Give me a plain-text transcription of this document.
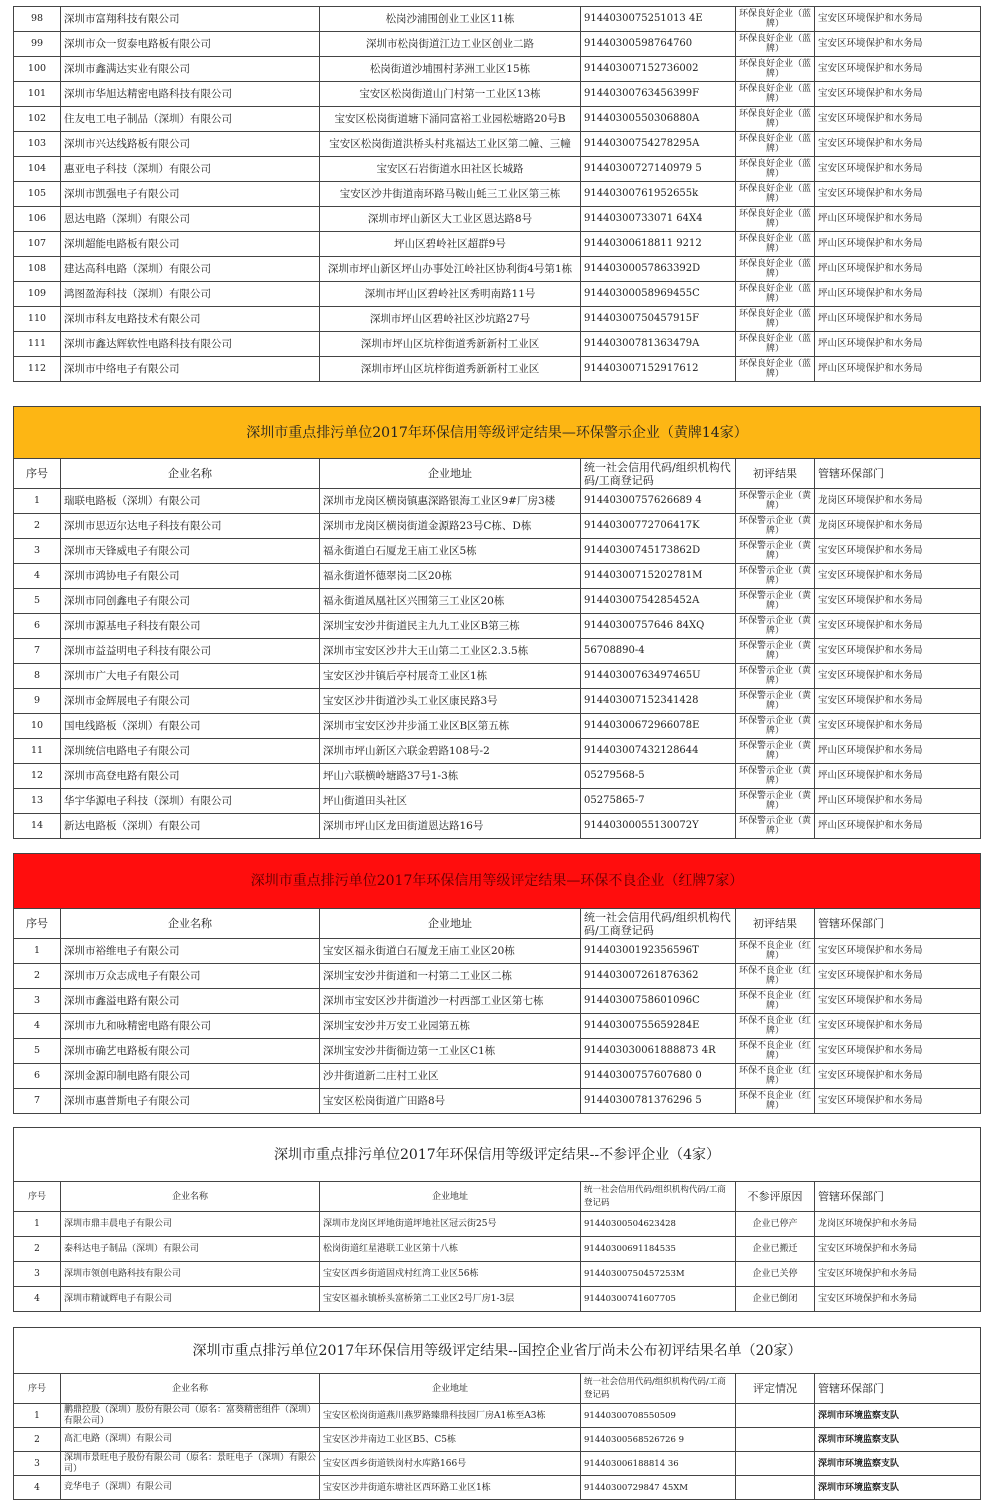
98	深圳市富翔科技有限公司	松岗沙浦围创业工业区11栋	9144030075251013 4E	环保良好企业（蓝牌）	宝安区环境保护和水务局
99	深圳市众一贸泰电路板有限公司	深圳市松岗街道江边工业区创业二路	91440300598764760	环保良好企业（蓝牌）	宝安区环境保护和水务局
100	深圳市鑫满达实业有限公司	松岗街道沙埔围村茅洲工业区15栋	914403007152736002	环保良好企业（蓝牌）	宝安区环境保护和水务局
101	深圳市华旭达精密电路科技有限公司	宝安区松岗街道山门村第一工业区13栋	91440300763456399F	环保良好企业（蓝牌）	宝安区环境保护和水务局
102	住友电工电子制品（深圳）有限公司	宝安区松岗街道塘下涌同富裕工业园松塘路20号B	91440300550306880A	环保良好企业（蓝牌）	宝安区环境保护和水务局
103	深圳市兴达线路板有限公司	宝安区松岗街道洪桥头村兆福达工业区第二幢、三幢	91440300754278295A	环保良好企业（蓝牌）	宝安区环境保护和水务局
104	惠亚电子科技（深圳）有限公司	宝安区石岩街道水田社区长城路	91440300727140979 5	环保良好企业（蓝牌）	宝安区环境保护和水务局
105	深圳市凯强电子有限公司	宝安区沙井街道南环路马鞍山蚝三工业区第三栋	91440300761952655k	环保良好企业（蓝牌）	宝安区环境保护和水务局
106	恩达电路（深圳）有限公司	深圳市坪山新区大工业区恩达路8号	91440300733071 64X4	环保良好企业（蓝牌）	坪山区环境保护和水务局
107	深圳超能电路板有限公司	坪山区碧岭社区超群9号	91440300618811 9212	环保良好企业（蓝牌）	坪山区环境保护和水务局
108	建达高科电路（深圳）有限公司	深圳市坪山新区坪山办事处江岭社区协利街4号第1栋	91440300057863392D	环保良好企业（蓝牌）	坪山区环境保护和水务局
109	鸿图盈海科技（深圳）有限公司	深圳市坪山区碧岭社区秀明南路11号	91440300058969455C	环保良好企业（蓝牌）	坪山区环境保护和水务局
110	深圳市科友电路技术有限公司	深圳市坪山区碧岭社区沙坑路27号	91440300750457915F	环保良好企业（蓝牌）	坪山区环境保护和水务局
111	深圳市鑫达辉软性电路科技有限公司	深圳市坪山区坑梓街道秀新新村工业区	91440300781363479A	环保良好企业（蓝牌）	坪山区环境保护和水务局
112	深圳市中络电子有限公司	深圳市坪山区坑梓街道秀新新村工业区	914403007152917612	环保良好企业（蓝牌）	坪山区环境保护和水务局
深圳市重点排污单位2017年环保信用等级评定结果—环保警示企业（黄牌14家）
序号	企业名称	企业地址	统一社会信用代码/组织机构代码/工商登记码	初评结果	管辖环保部门
1	瑞联电路板（深圳）有限公司	深圳市龙岗区横岗镇惠深路银海工业区9#厂房3楼	91440300757626689 4	环保警示企业（黄牌）	龙岗区环境保护和水务局
2	深圳市思迈尔达电子科技有限公司	深圳市龙岗区横岗街道金源路23号C栋、D栋	91440300772706417K	环保警示企业（黄牌）	龙岗区环境保护和水务局
3	深圳市天锋威电子有限公司	福永街道白石厦龙王庙工业区5栋	91440300745173862D	环保警示企业（黄牌）	宝安区环境保护和水务局
4	深圳市鸿协电子有限公司	福永街道怀德翠岗二区20栋	91440300715202781M	环保警示企业（黄牌）	宝安区环境保护和水务局
5	深圳市同创鑫电子有限公司	福永街道凤凰社区兴围第三工业区20栋	91440300754285452A	环保警示企业（黄牌）	宝安区环境保护和水务局
6	深圳市源基电子科技有限公司	深圳宝安沙井街道民主九九工业区B第三栋	91440300757646 84XQ	环保警示企业（黄牌）	宝安区环境保护和水务局
7	深圳市益益明电子科技有限公司	深圳市宝安区沙井大王山第二工业区2.3.5栋	56708890-4	环保警示企业（黄牌）	宝安区环境保护和水务局
8	深圳市广大电子有限公司	宝安区沙井镇后亭村展奇工业区1栋	91440300763497465U	环保警示企业（黄牌）	宝安区环境保护和水务局
9	深圳市金辉展电子有限公司	宝安区沙井街道沙头工业区康民路3号	914403007152341428	环保警示企业（黄牌）	宝安区环境保护和水务局
10	国电线路板（深圳）有限公司	深圳市宝安区沙井步涌工业区B区第五栋	91440300672966078E	环保警示企业（黄牌）	宝安区环境保护和水务局
11	深圳统信电路电子有限公司	深圳市坪山新区六联金碧路108号-2	914403007432128644	环保警示企业（黄牌）	坪山区环境保护和水务局
12	深圳市高登电路有限公司	坪山六联横岭塘路37号1-3栋	05279568-5	环保警示企业（黄牌）	坪山区环境保护和水务局
13	华宇华源电子科技（深圳）有限公司	坪山街道田头社区	05275865-7	环保警示企业（黄牌）	坪山区环境保护和水务局
14	新达电路板（深圳）有限公司	深圳市坪山区龙田街道恩达路16号	91440300055130072Y	环保警示企业（黄牌）	坪山区环境保护和水务局
深圳市重点排污单位2017年环保信用等级评定结果—环保不良企业（红牌7家）
序号	企业名称	企业地址	统一社会信用代码/组织机构代码/工商登记码	初评结果	管辖环保部门
1	深圳市裕维电子有限公司	宝安区福永街道白石厦龙王庙工业区20栋	91440300192356596T	环保不良企业（红牌）	宝安区环境保护和水务局
2	深圳市万众志成电子有限公司	深圳宝安沙井街道和一村第二工业区二栋	914403007261876362	环保不良企业（红牌）	宝安区环境保护和水务局
3	深圳市鑫溢电路有限公司	深圳市宝安区沙井街道沙一村西部工业区第七栋	91440300758601096C	环保不良企业（红牌）	宝安区环境保护和水务局
4	深圳市九和咏精密电路有限公司	深圳宝安沙井万安工业园第五栋	91440300755659284E	环保不良企业（红牌）	宝安区环境保护和水务局
5	深圳市确艺电路板有限公司	深圳宝安沙井街衙边第一工业区C1栋	914403030061888873 4R	环保不良企业（红牌）	宝安区环境保护和水务局
6	深圳金源印制电路有限公司	沙井街道新二庄村工业区	91440300757607680 0	环保不良企业（红牌）	宝安区环境保护和水务局
7	深圳市惠普斯电子有限公司	宝安区松岗街道广田路8号	91440300781376296 5	环保不良企业（红牌）	宝安区环境保护和水务局
深圳市重点排污单位2017年环保信用等级评定结果--不参评企业（4家）
序号	企业名称	企业地址	统一社会信用代码/组织机构代码/工商登记码	不参评原因	管辖环保部门
1	深圳市鼎丰晨电子有限公司	深圳市龙岗区坪地街道坪地社区冠云街25号	91440300504623428	企业已停产	龙岗区环境保护和水务局
2	泰科达电子制品（深圳）有限公司	松岗街道红星港联工业区第十八栋	91440300691184535	企业已搬迁	宝安区环境保护和水务局
3	深圳市领创电路科技有限公司	宝安区西乡街道固戍村红湾工业区56栋	91440300750457253M	企业已关停	宝安区环境保护和水务局
4	深圳市精诚辉电子有限公司	宝安区福永镇桥头富桥第二工业区2号厂房1-3层	91440300741607705	企业已倒闭	宝安区环境保护和水务局
深圳市重点排污单位2017年环保信用等级评定结果--国控企业省厅尚未公布初评结果名单（20家）
序号	企业名称	企业地址	统一社会信用代码/组织机构代码/工商登记码	评定情况	管辖环保部门
1	鹏鼎控股（深圳）股份有限公司（原名：富葵精密组件（深圳）有限公司）	宝安区松岗街道燕川燕罗路臻鼎科技园厂房A1栋至A3栋	91440300708550509		深圳市环境监察支队
2	高汇电路（深圳）有限公司	宝安区沙井南边工业区B5、C5栋	91440300568526726 9		深圳市环境监察支队
3	深圳市景旺电子股份有限公司（原名：景旺电子（深圳）有限公司）	宝安区西乡街道铁岗村水库路166号	914403006188814 36		深圳市环境监察支队
4	竞华电子（深圳）有限公司	宝安区沙井街道东塘社区西环路工业区1栋	91440300729847 45XM		深圳市环境监察支队
